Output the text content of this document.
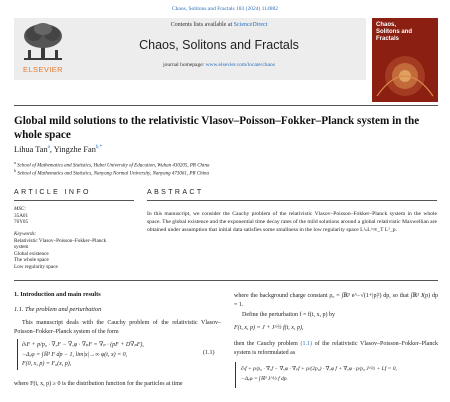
Chaos, Solitons and Fractals 183 (2024) 114882
ELSEVIER
Contents lists available at ScienceDirect
Chaos, Solitons and Fractals
journal homepage: www.elsevier.com/locate/chaos
Chaos,
Solitons and
Fractals
Global mild solutions to the relativistic Vlasov–Poisson–Fokker–Planck system in the whole space
Lihua Tan$^a$, Yingzhe Fan$^{b,*}$
$^a$ School of Mathematics and Statistics, Hubei University of Education, Wuhan 430205, PR China
$^b$ School of Mathematics and Statistics, Nanyang Normal University, Nanyang 473061, PR China
ARTICLE INFO
MSC:
35A01
76Y05
Keywords:
Relativistic Vlasov–Poisson–Fokker–Planck
system
Global existence
The whole space
Low regularity space
ABSTRACT
In this manuscript, we consider the Cauchy problem of the relativistic Vlasov–Poisson–Fokker–Planck system in the whole space. The global existence and the exponential time decay rates of the mild solutions around a global relativistic Maxwellian are obtained under assumption that initial data satisfies some smallness in the low regularity space L¹ₖL^∞_T L¹_p.
1. Introduction and main results
1.1. The problem and perturbation
This manuscript deals with the Cauchy problem of the relativistic Vlasov–Poisson–Fokker–Planck system of the form
∂ₜF + p/p₀ · ∇ₓF − ∇ₓφ · ∇ₚF = ∇ₚ · (pF + D∇ₚF),
−Δₓφ = ∫ℝ³ F dp − 1, lim|x|→∞ φ(t, x) = 0,
F(0, x, p) = F₀(x, p),
(1.1)
where F(t, x, p) ≥ 0 is the distribution function for the particles at time
where the background charge constant ρ₀ = ∫ℝ³ e^−√(1+|p|²) dp, so that ∫ℝ³ J(p) dp = 1.
Define the perturbation f = f(t, x, p) by
F(t, x, p) = J + J^½ f(t, x, p),
then the Cauchy problem (1.1) of the relativistic Vlasov–Poisson–Fokker–Planck system is reformulated as
∂ₜf + p/p₀ · ∇ₓf − ∇ₓφ · ∇ₚf + p/(2p₀) · ∇ₓφ f + ∇ₓφ · p/p₀ J^½ + Lf = 0,
−Δₓφ = ∫ℝ³ J^½ f dp.
